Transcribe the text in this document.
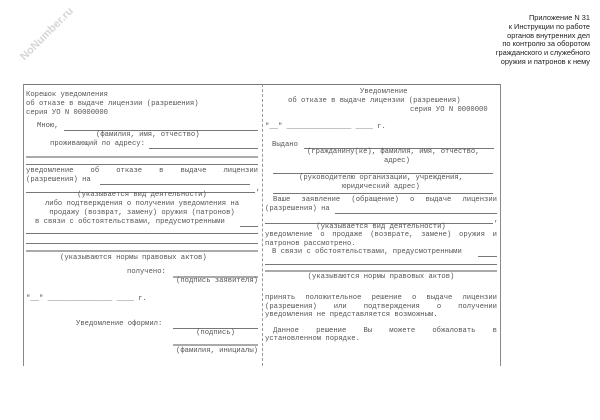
NoNumber.ru	Приложение N 31
к Инструкции по работе
органов внутренних дел
по контролю за оборотом
гражданского и служебного
оружия и патронов к нему
Корешок уведомления
об отказе в выдаче лицензии (разрешения)
серия УО N 00000000
Мною,
(фамилия, имя, отчество)
проживающий по адресу:
уведомление об отказе в выдаче лицензии
(разрешения) на
,
(указывается вид деятельности)
либо подтверждения о получении уведомления на
продажу (возврат, замену) оружия (патронов)
в связи с обстоятельствами, предусмотренными
(указываются нормы правовых актов)
получено:
(подпись заявителя)
"__" _______________ ____ г.
Уведомление оформил:
(подпись)
(фамилия, инициалы)
Уведомление
об отказе в выдаче лицензии (разрешения)
серия УО N 0000000
"__" _______________ ____ г.
Выдано
(гражданину(ке), фамилия, имя, отчество,
адрес)
(руководителю организации, учреждения,
юридический адрес)
Ваше заявление (обращение) о выдаче лицензии
(разрешения) на
,
(указывается вид деятельности)
уведомление о продаже (возврате, замене) оружия и
патронов рассмотрено.
В связи с обстоятельствами, предусмотренными
(указываются нормы правовых актов)
принять положительное решение о выдаче лицензии
(разрешения) или подтверждения о получении
уведомления не представляется возможным.
Данное решение Вы можете обжаловать в
установленном порядке.
